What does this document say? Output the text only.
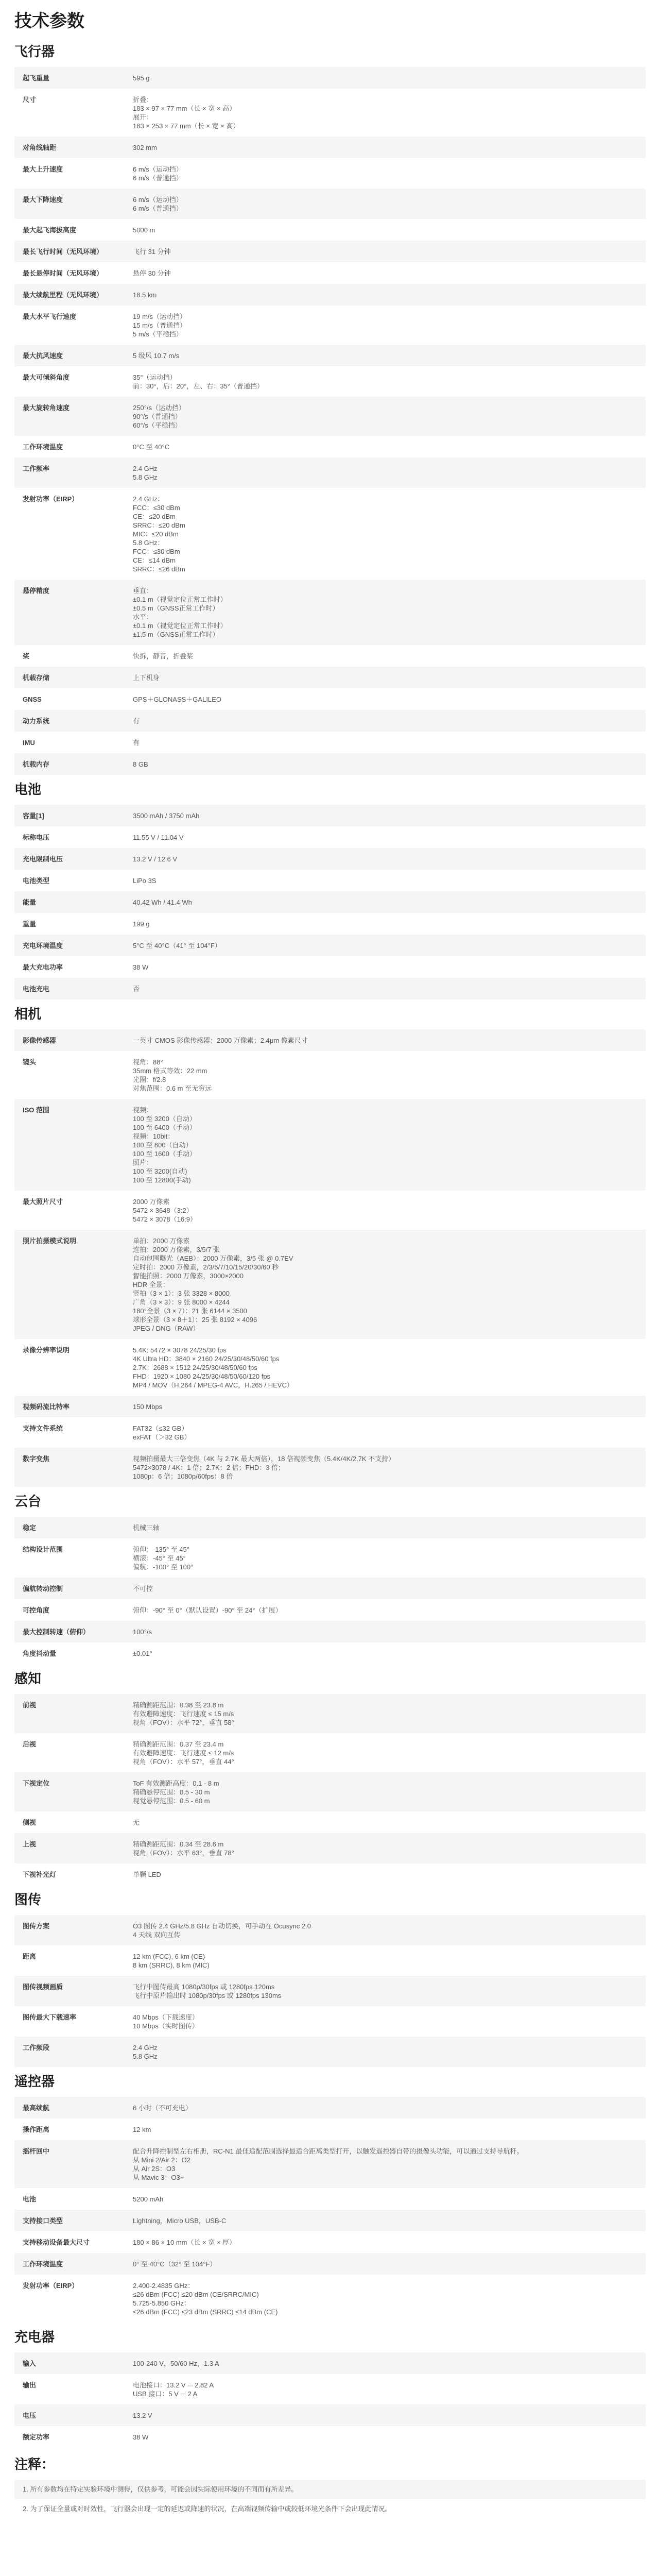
技术参数
飞行器
起飞重量	595 g
尺寸	折叠：
183 × 97 × 77 mm（长 × 宽 × 高）
展开：
183 × 253 × 77 mm（长 × 宽 × 高）
对角线轴距	302 mm
最大上升速度	6 m/s（运动挡）
6 m/s（普通挡）
最大下降速度	6 m/s（运动挡）
6 m/s（普通挡）
最大起飞海拔高度	5000 m
最长飞行时间（无风环境）	飞行 31 分钟
最长悬停时间（无风环境）	悬停 30 分钟
最大续航里程（无风环境）	18.5 km
最大水平飞行速度	19 m/s（运动挡）
15 m/s（普通挡）
5 m/s（平稳挡）
最大抗风速度	5 级风 10.7 m/s
最大可倾斜角度	35°（运动挡）
前：30°，后：20°，左、右：35°（普通挡）
最大旋转角速度	250°/s（运动挡）
90°/s（普通挡）
60°/s（平稳挡）
工作环境温度	0°C 至 40°C
工作频率	2.4 GHz
5.8 GHz
发射功率（EIRP）	2.4 GHz：
FCC：≤30 dBm
CE：≤20 dBm
SRRC：≤20 dBm
MIC：≤20 dBm
5.8 GHz：
FCC：≤30 dBm
CE：≤14 dBm
SRRC：≤26 dBm
悬停精度	垂直：
±0.1 m（视觉定位正常工作时）
±0.5 m（GNSS正常工作时）
水平：
±0.1 m（视觉定位正常工作时）
±1.5 m（GNSS正常工作时）
桨	快拆，静音，折叠桨
机载存储	上下机身
GNSS	GPS＋GLONASS＋GALILEO
动力系统	有
IMU	有
机载内存	8 GB
电池
容量[1]	3500 mAh / 3750 mAh
标称电压	11.55 V / 11.04 V
充电限制电压	13.2 V / 12.6 V
电池类型	LiPo 3S
能量	40.42 Wh / 41.4 Wh
重量	199 g
充电环境温度	5°C 至 40°C（41° 至 104°F）
最大充电功率	38 W
电池充电	否
相机
影像传感器	一英寸 CMOS 影像传感器；2000 万像素；2.4μm 像素尺寸
镜头	视角：88°
35mm 格式等效：22 mm
光圈：f/2.8
对焦范围：0.6 m 至无穷远
ISO 范围	视频：
100 至 3200（自动）
100 至 6400（手动）
视频：10bit：
100 至 800（自动）
100 至 1600（手动）
照片：
100 至 3200(自动)
100 至 12800(手动)
最大照片尺寸	2000 万像素
5472 × 3648（3:2）
5472 × 3078（16:9）
照片拍摄模式说明	单拍：2000 万像素
连拍：2000 万像素，3/5/7 张
自动包围曝光（AEB）：2000 万像素，3/5 张 @ 0.7EV
定时拍：2000 万像素，2/3/5/7/10/15/20/30/60 秒
智能拍照：2000 万像素，3000×2000
HDR 全景：
竖拍（3 × 1）：3 张 3328 × 8000
广角（3 × 3）：9 张 8000 × 4244
180°全景（3 × 7）：21 张 6144 × 3500
球形全景（3 × 8＋1）：25 张 8192 × 4096
JPEG / DNG（RAW）
录像分辨率说明	5.4K: 5472 × 3078 24/25/30 fps
4K Ultra HD：3840 × 2160 24/25/30/48/50/60 fps
2.7K：2688 × 1512 24/25/30/48/50/60 fps
FHD：1920 × 1080 24/25/30/48/50/60/120 fps
MP4 / MOV（H.264 / MPEG-4 AVC，H.265 / HEVC）
视频码流比特率	150 Mbps
支持文件系统	FAT32（≤32 GB）
exFAT（＞32 GB）
数字变焦	视频拍摄最大三倍变焦（4K 与 2.7K 最大两倍），18 倍视频变焦（5.4K/4K/2.7K 不支持）
5472×3078 / 4K：1 倍；2.7K：2 倍；FHD：3 倍；
1080p：6 倍；1080p/60fps：8 倍
云台
稳定	机械三轴
结构设计范围	俯仰：-135° 至 45°
横滚：-45° 至 45°
偏航：-100° 至 100°
偏航转动控制	不可控
可控角度	俯仰：-90° 至 0°（默认设置）-90° 至 24°（扩展）
最大控制转速（俯仰）	100°/s
角度抖动量	±0.01°
感知
前视	精确测距范围：0.38 至 23.8 m
有效避障速度：飞行速度 ≤ 15 m/s
视角（FOV）：水平 72°，垂直 58°
后视	精确测距范围：0.37 至 23.4 m
有效避障速度：飞行速度 ≤ 12 m/s
视角（FOV）：水平 57°，垂直 44°
下视定位	ToF 有效测距高度：0.1 - 8 m
精确悬停范围：0.5 - 30 m
视觉悬停范围：0.5 - 60 m
侧视	无
上视	精确测距范围：0.34 至 28.6 m
视角（FOV）：水平 63°，垂直 78°
下视补光灯	单颗 LED
图传
图传方案	O3 图传 2.4 GHz/5.8 GHz 自动切换，可手动在 Ocusync 2.0
4 天线 双向互传
距离	12 km (FCC), 6 km (CE)
8 km (SRRC), 8 km (MIC)
图传视频画质	飞行中图传最高 1080p/30fps 或 1280fps 120ms
飞行中原片输出时 1080p/30fps 或 1280fps 130ms
图传最大下载速率	40 Mbps（下载速度）
10 Mbps（实时图传）
工作频段	2.4 GHz
5.8 GHz
遥控器
最高续航	6 小时（不可充电）
操作距离	12 km
摇杆回中	配合升降控制型左右相册，RC-N1 最佳适配范围选择最适合距离类型打开，以触发遥控器自带的摄像头功能，可以通过支持导航杆。
从 Mini 2/Air 2：O2
从 Air 2S：O3
从 Mavic 3：O3+
电池	5200 mAh
支持接口类型	Lightning，Micro USB，USB-C
支持移动设备最大尺寸	180 × 86 × 10 mm（长 × 宽 × 厚）
工作环境温度	0° 至 40°C（32° 至 104°F）
发射功率（EIRP）	2.400-2.4835 GHz：
≤26 dBm (FCC) ≤20 dBm (CE/SRRC/MIC)
5.725-5.850 GHz：
≤26 dBm (FCC) ≤23 dBm (SRRC) ≤14 dBm (CE)
充电器
输入	100-240 V，50/60 Hz，1.3 A
输出	电池接口：13.2 V ⎓ 2.82 A
USB 接口：5 V ⎓ 2 A
电压	13.2 V
额定功率	38 W
注释：
1. 所有参数均在特定实验环境中测得，仅供参考，可能会因实际使用环境的不同而有所差异。
2. 为了保证全量或对时效性，飞行器会出现一定的延迟或降速的状况，在高端视频传输中或较低环境光条件下会出现此情况。
